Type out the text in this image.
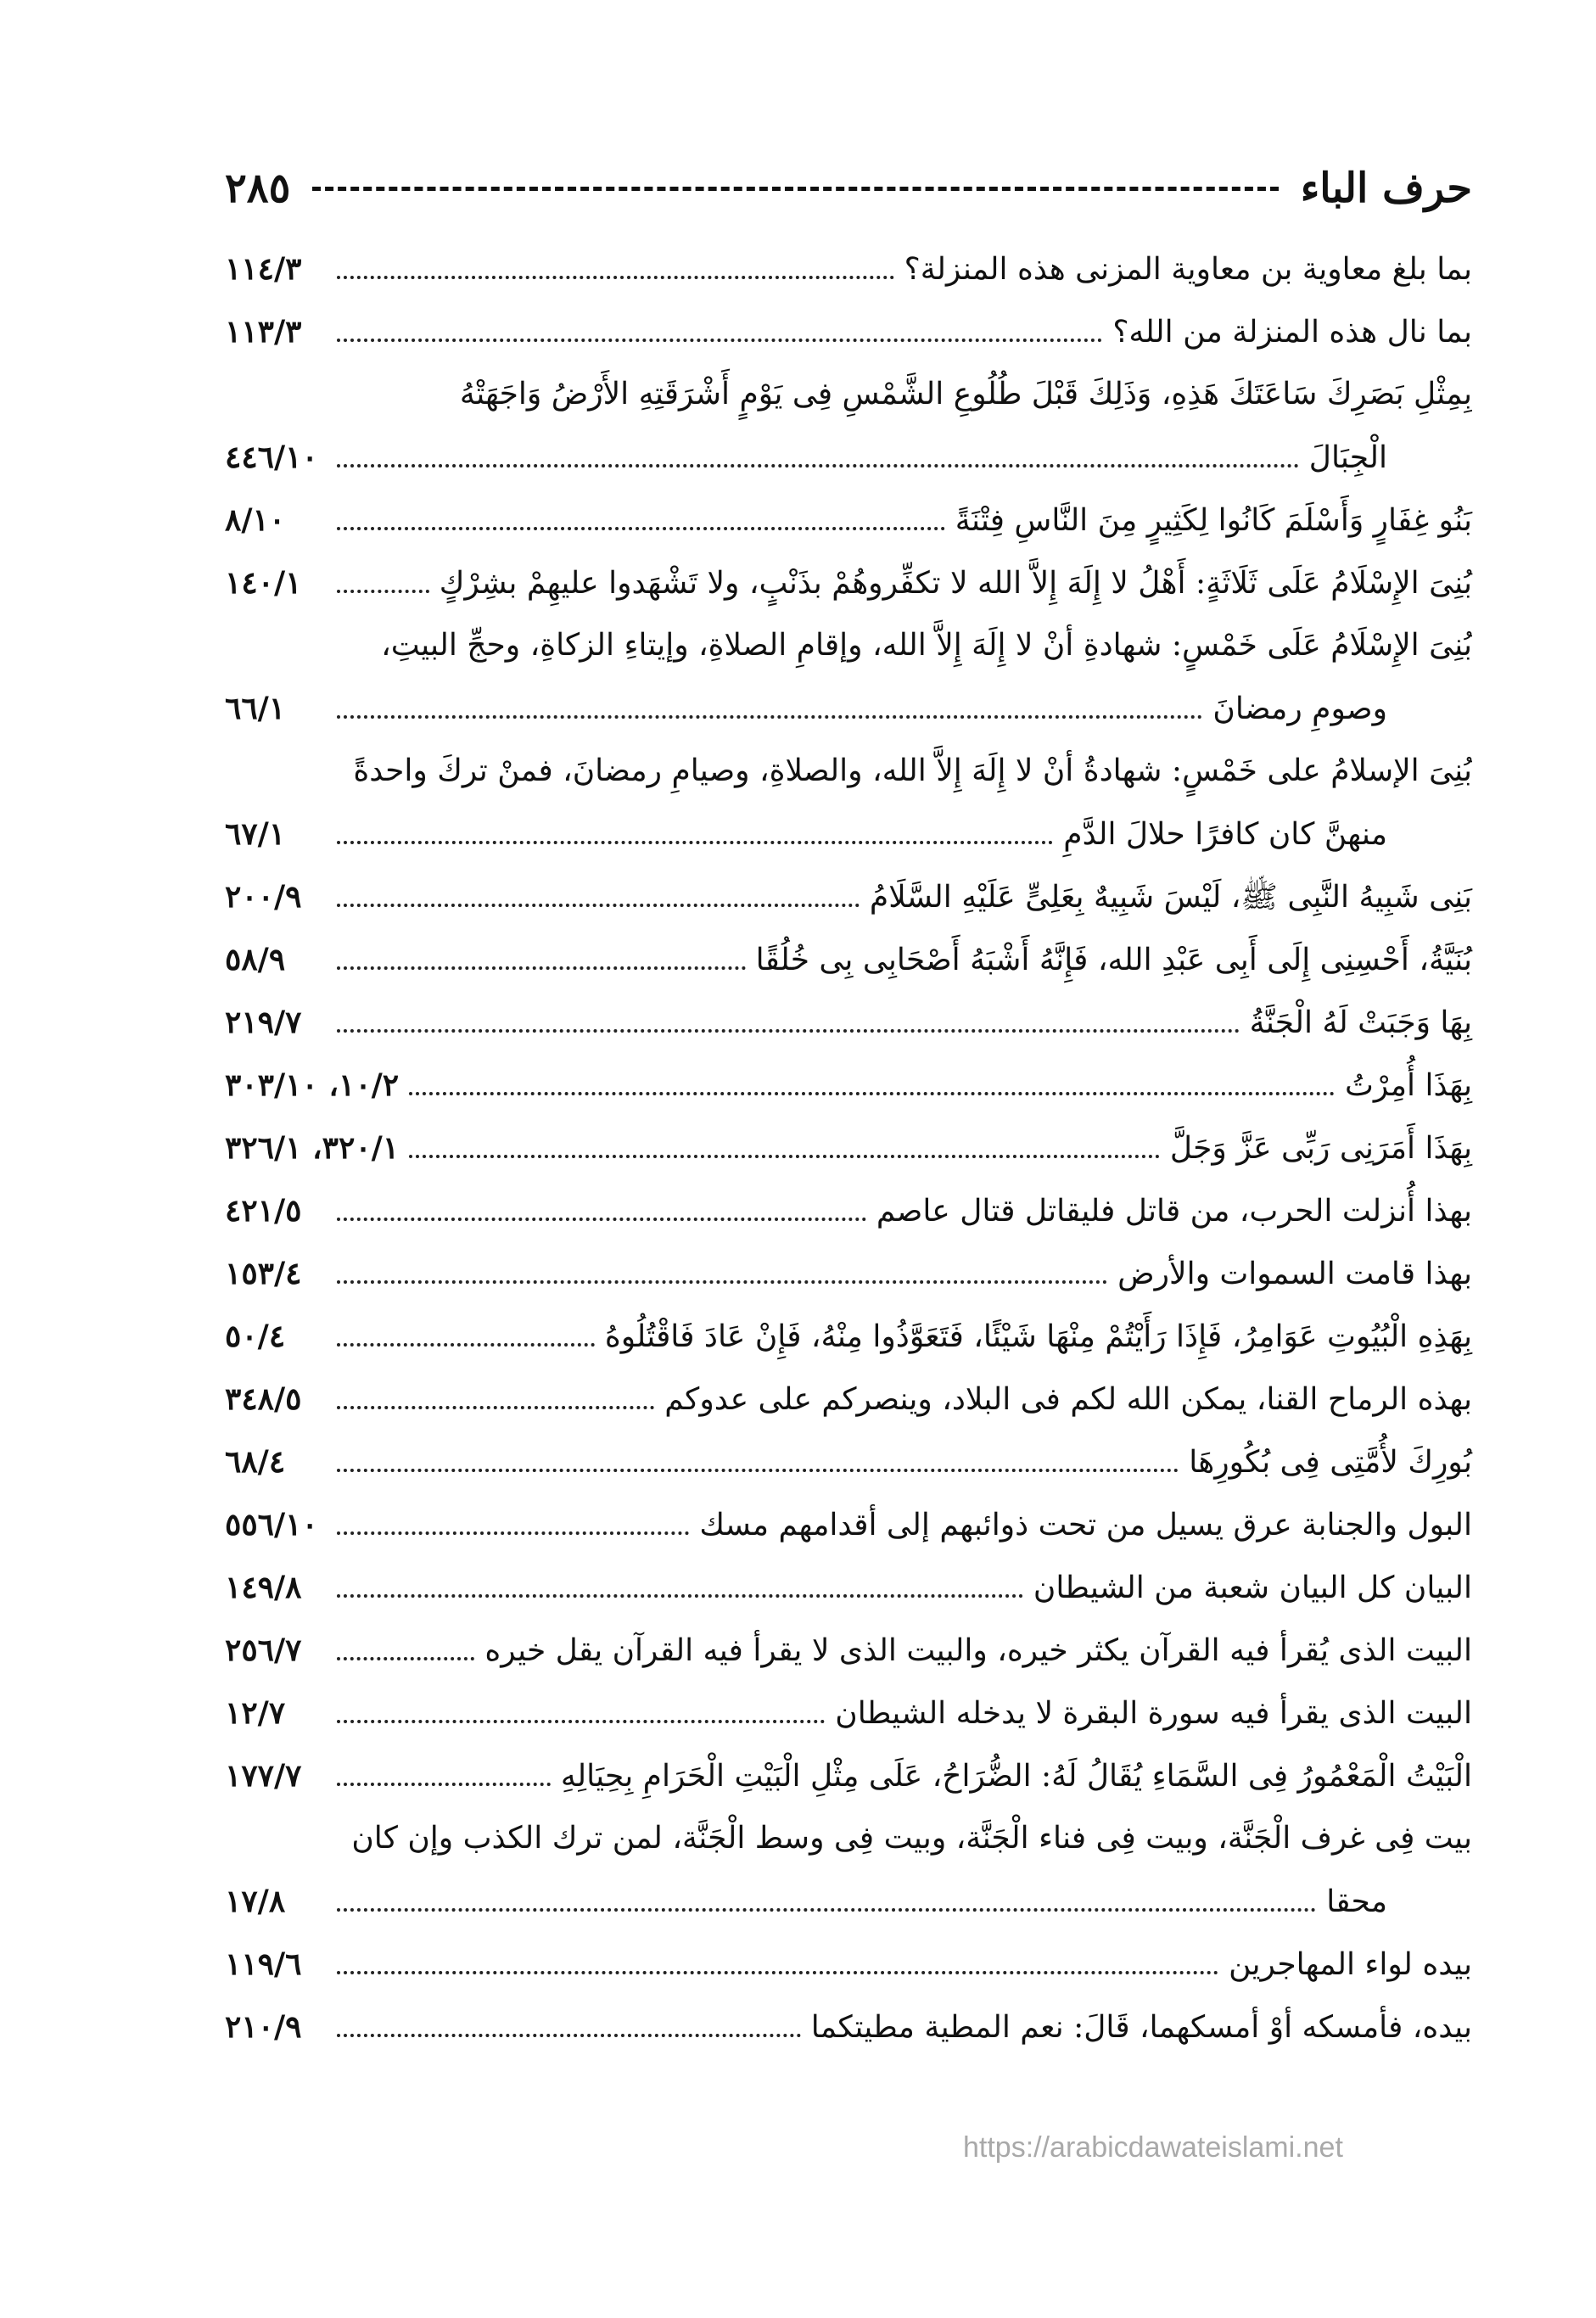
حرف الباء
٢٨٥
بما بلغ معاوية بن معاوية المزنى هذه المنزلة؟
١١٤/٣
بما نال هذه المنزلة من الله؟
١١٣/٣
بِمِثْلِ بَصَرِكَ سَاعَتَكَ هَذِهِ، وَذَلِكَ قَبْلَ طُلُوعِ الشَّمْسِ فِى يَوْمٍ أَشْرَقَتِهِ الأَرْضُ وَاجَهَتْهُ
الْجِبَالَ
٤٤٦/١٠
بَنُو غِفَارٍ وَأَسْلَمَ كَانُوا لِكَثِيرٍ مِنَ النَّاسِ فِتْنَةً
٨/١٠
بُنِىَ الإِسْلَامُ عَلَى ثَلَاثَةٍ: أَهْلُ لا إِلَهَ إِلاَّ الله لا تكفِّروهُمْ بذَنْبٍ، ولا تَشْهَدوا عليهِمْ بشِرْكٍ
١٤٠/١
بُنِىَ الإِسْلَامُ عَلَى خَمْسٍ: شهادةِ أنْ لا إِلَهَ إِلاَّ الله، وإقامِ الصلاةِ، وإيتاءِ الزكاةِ، وحجِّ البيتِ،
وصومِ رمضانَ
٦٦/١
بُنِىَ الإسلامُ على خَمْسٍ: شهادةُ أنْ لا إِلَهَ إِلاَّ الله، والصلاةِ، وصيامِ رمضانَ، فمنْ تركَ واحدةً
منهنَّ كان كافرًا حلالَ الدَّمِ
٦٧/١
بَنِى شَبِيهُ النَّبِى ﷺ، لَيْسَ شَبِيهٌ بِعَلِىٍّ عَلَيْهِ السَّلَامُ
٢٠٠/٩
بُنَيَّةُ، أَحْسِنِى إِلَى أَبِى عَبْدِ الله، فَإِنَّهُ أَشْبَهُ أَصْحَابِى بِى خُلُقًا
٥٨/٩
بِهَا وَجَبَتْ لَهُ الْجَنَّةُ
٢١٩/٧
بِهَذَا أُمِرْتُ
١٠/٢، ٣٠٣/١٠
بِهَذَا أَمَرَنِى رَبِّى عَزَّ وَجَلَّ
٣٢٠/١، ٣٢٦/١
بهذا أُنزلت الحرب، من قاتل فليقاتل قتال عاصم
٤٢١/٥
بهذا قامت السموات والأرض
١٥٣/٤
بِهَذِهِ الْبُيُوتِ عَوَامِرُ، فَإِذَا رَأَيْتُمْ مِنْهَا شَيْئًا، فَتَعَوَّذُوا مِنْهُ، فَإِنْ عَادَ فَاقْتُلُوهُ
٥٠/٤
بهذه الرماح القنا، يمكن الله لكم فى البلاد، وينصركم على عدوكم
٣٤٨/٥
بُورِكَ لأُمَّتِى فِى بُكُورِهَا
٦٨/٤
البول والجنابة عرق يسيل من تحت ذوائبهم إلى أقدامهم مسك
٥٥٦/١٠
البيان كل البيان شعبة من الشيطان
١٤٩/٨
البيت الذى يُقرأ فيه القرآن يكثر خيره، والبيت الذى لا يقرأ فيه القرآن يقل خيره
٢٥٦/٧
البيت الذى يقرأ فيه سورة البقرة لا يدخله الشيطان
١٢/٧
الْبَيْتُ الْمَعْمُورُ فِى السَّمَاءِ يُقَالُ لَهُ: الضُّرَاحُ، عَلَى مِثْلِ الْبَيْتِ الْحَرَامِ بِحِيَالِهِ
١٧٧/٧
بيت فِى غرف الْجَنَّة، وبيت فِى فناء الْجَنَّة، وبيت فِى وسط الْجَنَّة، لمن ترك الكذب وإن كان
محقا
١٧/٨
بيده لواء المهاجرين
١١٩/٦
بيده، فأمسكه أوْ أمسكهما، قَالَ: نعم المطية مطيتكما
٢١٠/٩
https://arabicdawateislami.net
